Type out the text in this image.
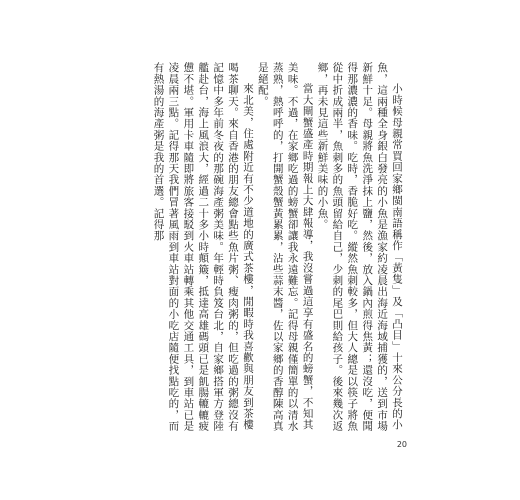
小時候母親常買回家鄉閩南語稱作「黃隻」及「凸目」十來公分長的小魚，這兩種全身銀白發亮的小魚是漁家約凌晨出海近海域捕獲的，送到市場新鮮十足。母親將魚洗淨抹上鹽，然後，放入鍋內煎得焦黃；還沒吃，便聞得那濃濃的香味。吃時，香脆好吃。縱然魚刺較多，但大人總是以筷子將魚從中折成兩半，魚刺多的魚頭留給自己，少刺的尾巴則給孩子。後來幾次返鄉，再未見這些新鮮美味的小魚。

當大閘蟹盛產時期報上大肆報導，我沒嘗過這享有盛名的螃蟹，不知其美味。不過，在家鄉吃過的螃蟹卻讓我永遠難忘。記得母親僅簡單的以清水蒸熟，熱呼呼的，打開蟹殼蟹黃累累，沾些蒜末醬，佐以家鄉的香醇陳高真是絕配。

來北美，住處附近有不少道地的廣式茶樓，閒暇時我喜歡與朋友到茶樓喝茶聊天。來自香港的朋友總會點些魚片粥、瘦肉粥的，但吃過的粥總沒有記憶中多年前冬夜的那碗海產粥美味。年輕時負笈台北，自家鄉搭軍方登陸艦赴台，海上風浪大，經過二十多小時顛簸，抵達高雄碼頭已是飢腸轆轆疲憊不堪。軍用卡車隨即將旅客接駁到火車站轉乘其他交通工具，到車站已是凌晨兩三點。記得那天我們冒著風雨到車站對面的小吃店隨便找點吃的，而有熱湯的海產粥是我的首選。記得那

20
